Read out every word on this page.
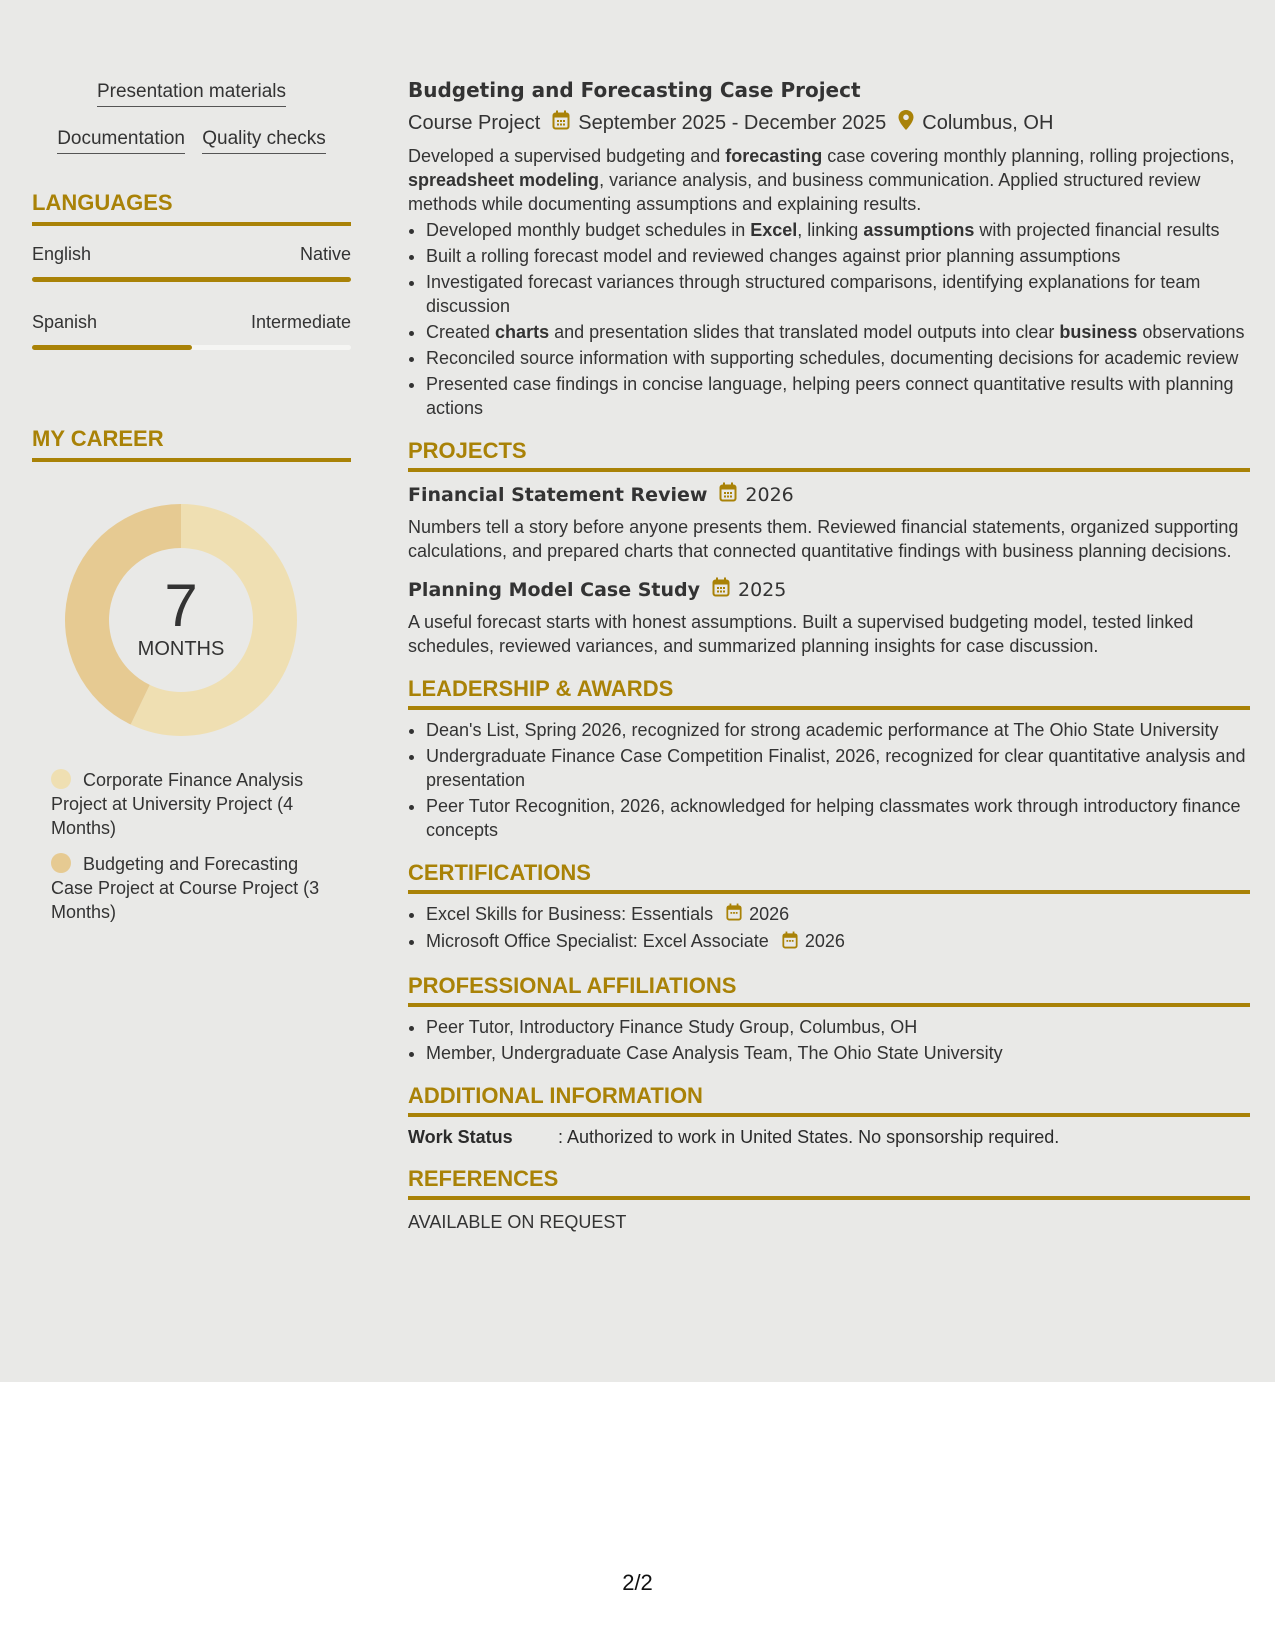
Presentation materials
Documentation Quality checks
LANGUAGES
English	Native
Spanish	Intermediate
MY CAREER
7
MONTHS
Corporate Finance Analysis Project at University Project (4 Months)
Budgeting and Forecasting Case Project at Course Project (3 Months)
Budgeting and Forecasting Case Project
Course Project September 2025 - December 2025 Columbus, OH
Developed a supervised budgeting and forecasting case covering monthly planning, rolling projections, spreadsheet modeling, variance analysis, and business communication. Applied structured review methods while documenting assumptions and explaining results.
• Developed monthly budget schedules in Excel, linking assumptions with projected financial results
• Built a rolling forecast model and reviewed changes against prior planning assumptions
• Investigated forecast variances through structured comparisons, identifying explanations for team discussion
• Created charts and presentation slides that translated model outputs into clear business observations
• Reconciled source information with supporting schedules, documenting decisions for academic review
• Presented case findings in concise language, helping peers connect quantitative results with planning actions
PROJECTS
Financial Statement Review 2026
Numbers tell a story before anyone presents them. Reviewed financial statements, organized supporting calculations, and prepared charts that connected quantitative findings with business planning decisions.
Planning Model Case Study 2025
A useful forecast starts with honest assumptions. Built a supervised budgeting model, tested linked schedules, reviewed variances, and summarized planning insights for case discussion.
LEADERSHIP & AWARDS
• Dean's List, Spring 2026, recognized for strong academic performance at The Ohio State University
• Undergraduate Finance Case Competition Finalist, 2026, recognized for clear quantitative analysis and presentation
• Peer Tutor Recognition, 2026, acknowledged for helping classmates work through introductory finance concepts
CERTIFICATIONS
• Excel Skills for Business: Essentials 2026
• Microsoft Office Specialist: Excel Associate 2026
PROFESSIONAL AFFILIATIONS
• Peer Tutor, Introductory Finance Study Group, Columbus, OH
• Member, Undergraduate Case Analysis Team, The Ohio State University
ADDITIONAL INFORMATION
Work Status	: Authorized to work in United States. No sponsorship required.
REFERENCES
AVAILABLE ON REQUEST
2/2
